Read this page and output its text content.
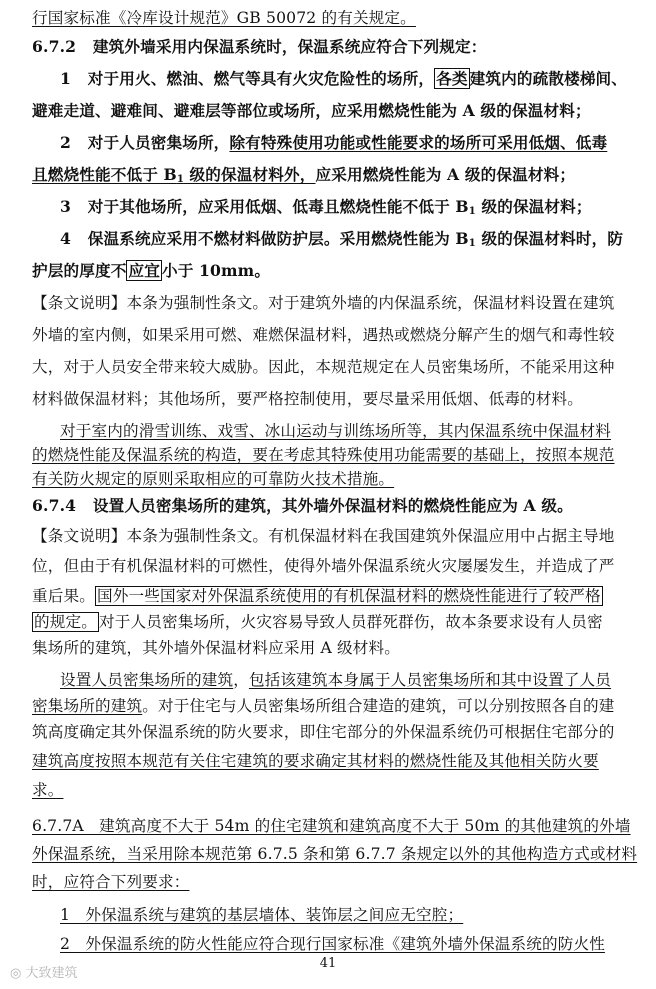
行国家标准《冷库设计规范》GB 50072 的有关规定。
6.7.2   建筑外墙采用内保温系统时，保温系统应符合下列规定：
1   对于用火、燃油、燃气等具有火灾危险性的场所， 各类 建筑内的疏散楼梯间、
避难走道、避难间、避难层等部位或场所，应采用燃烧性能为 A 级的保温材料；
2   对于人员密集场所，除有特殊使用功能或性能要求的场所可采用低烟、低毒
且燃烧性能不低于 $B_1$ 级的保温材料外，应采用燃烧性能为 A 级的保温材料；
3   对于其他场所，应采用低烟、低毒且燃烧性能不低于 $B_1$ 级的保温材料；
4   保温系统应采用不燃材料做防护层。采用燃烧性能为 $B_1$ 级的保温材料时，防
护层的厚度不 应宜 小于 10mm。
【条文说明】本条为强制性条文。对于建筑外墙的内保温系统，保温材料设置在建筑
外墙的室内侧，如果采用可燃、难燃保温材料，遇热或燃烧分解产生的烟气和毒性较
大，对于人员安全带来较大威胁。因此，本规范规定在人员密集场所，不能采用这种
材料做保温材料；其他场所，要严格控制使用，要尽量采用低烟、低毒的材料。
对于室内的滑雪训练、戏雪、冰山运动与训练场所等，其内保温系统中保温材料
的燃烧性能及保温系统的构造，要在考虑其特殊使用功能需要的基础上，按照本规范
有关防火规定的原则采取相应的可靠防火技术措施。
6.7.4   设置人员密集场所的建筑，其外墙外保温材料的燃烧性能应为 A 级。
【条文说明】本条为强制性条文。有机保温材料在我国建筑外保温应用中占据主导地
位，但由于有机保温材料的可燃性，使得外墙外保温系统火灾屡屡发生，并造成了严
重后果。 国外一些国家对外保温系统使用的有机保温材料的燃烧性能进行了较严格
的规定。 对于人员密集场所，火灾容易导致人员群死群伤，故本条要求设有人员密
集场所的建筑，其外墙外保温材料应采用 A 级材料。
设置人员密集场所的建筑，包括该建筑本身属于人员密集场所和其中设置了人员
密集场所的建筑。对于住宅与人员密集场所组合建造的建筑，可以分别按照各自的建
筑高度确定其外保温系统的防火要求，即住宅部分的外保温系统仍可根据住宅部分的
建筑高度按照本规范有关住宅建筑的要求确定其材料的燃烧性能及其他相关防火要
求。
6.7.7A   建筑高度不大于 54m 的住宅建筑和建筑高度不大于 50m 的其他建筑的外墙
外保温系统，当采用除本规范第 6.7.5 条和第 6.7.7 条规定以外的其他构造方式或材料
时，应符合下列要求：
1   外保温系统与建筑的基层墙体、装饰层之间应无空腔；
2   外保温系统的防火性能应符合现行国家标准《建筑外墙外保温系统的防火性
41
◎ 大致建筑
